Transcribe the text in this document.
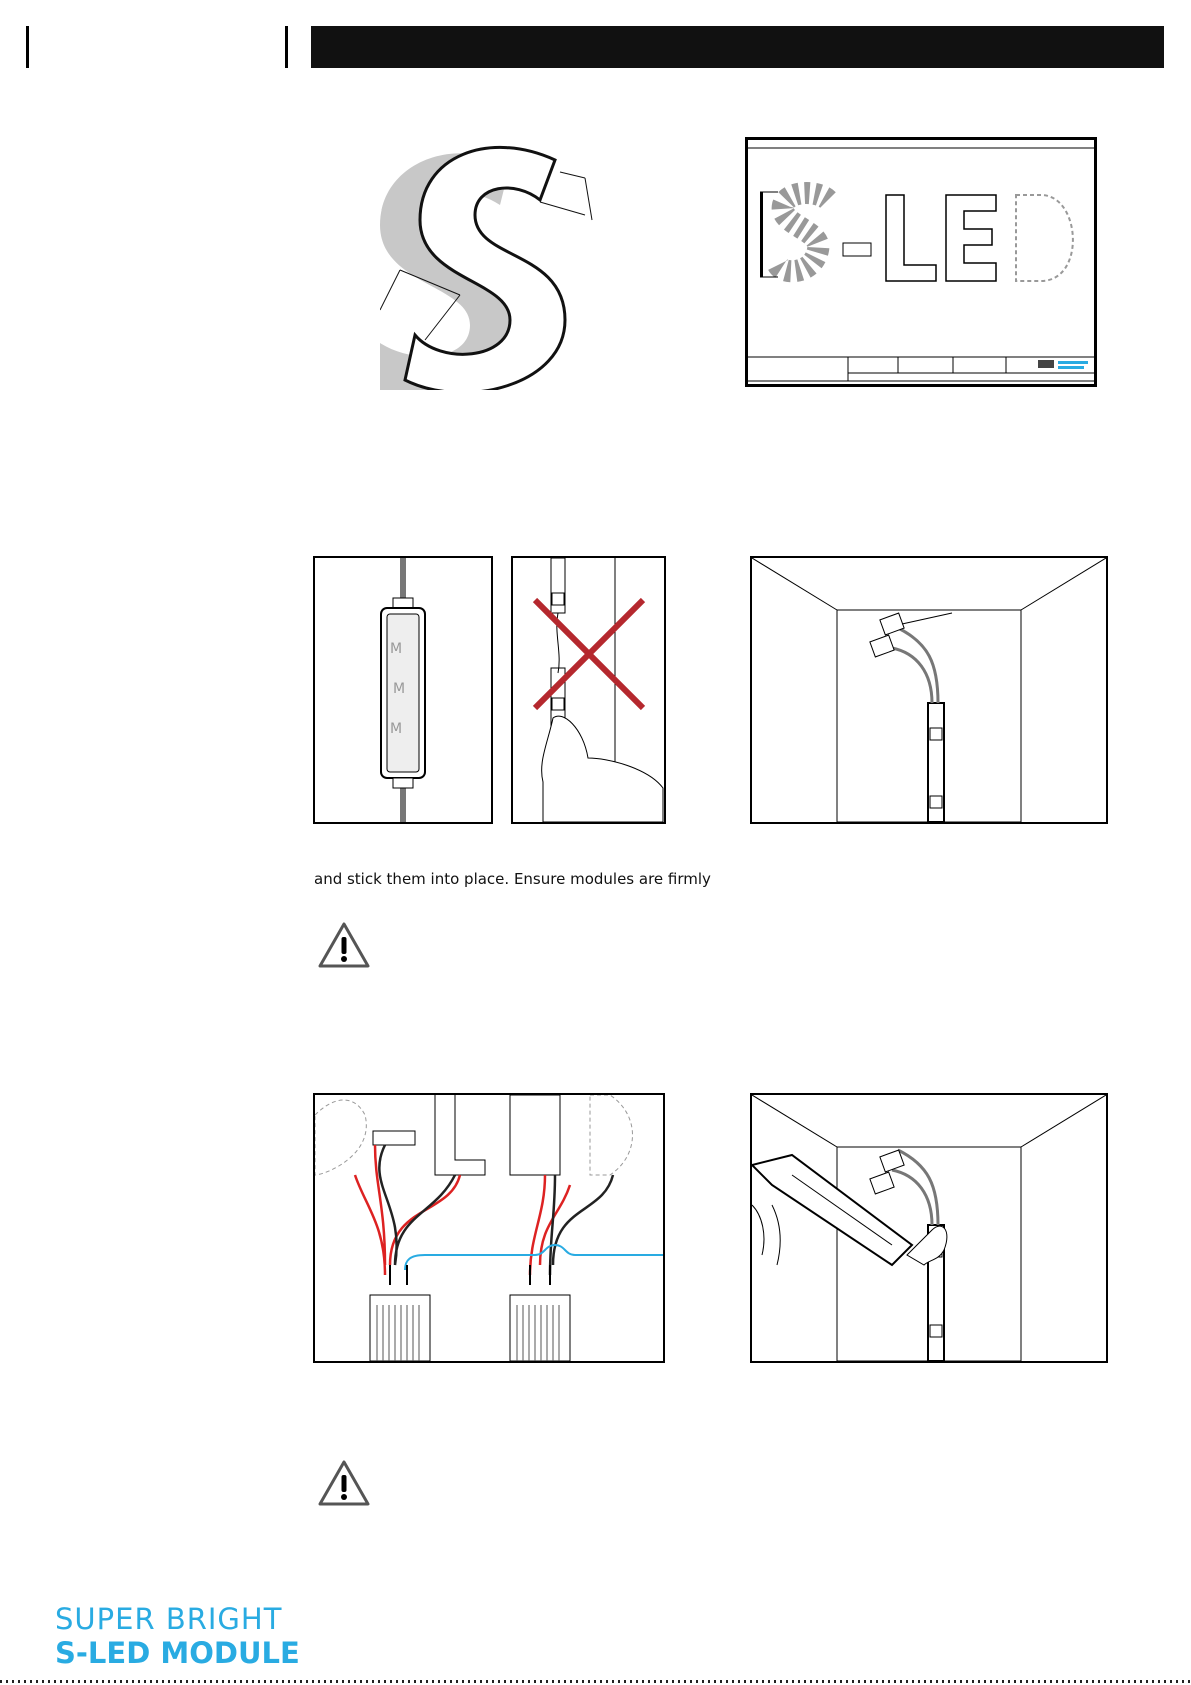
M
M
M
and stick them into place. Ensure modules are firmly
SUPER BRIGHT
S-LED MODULE
